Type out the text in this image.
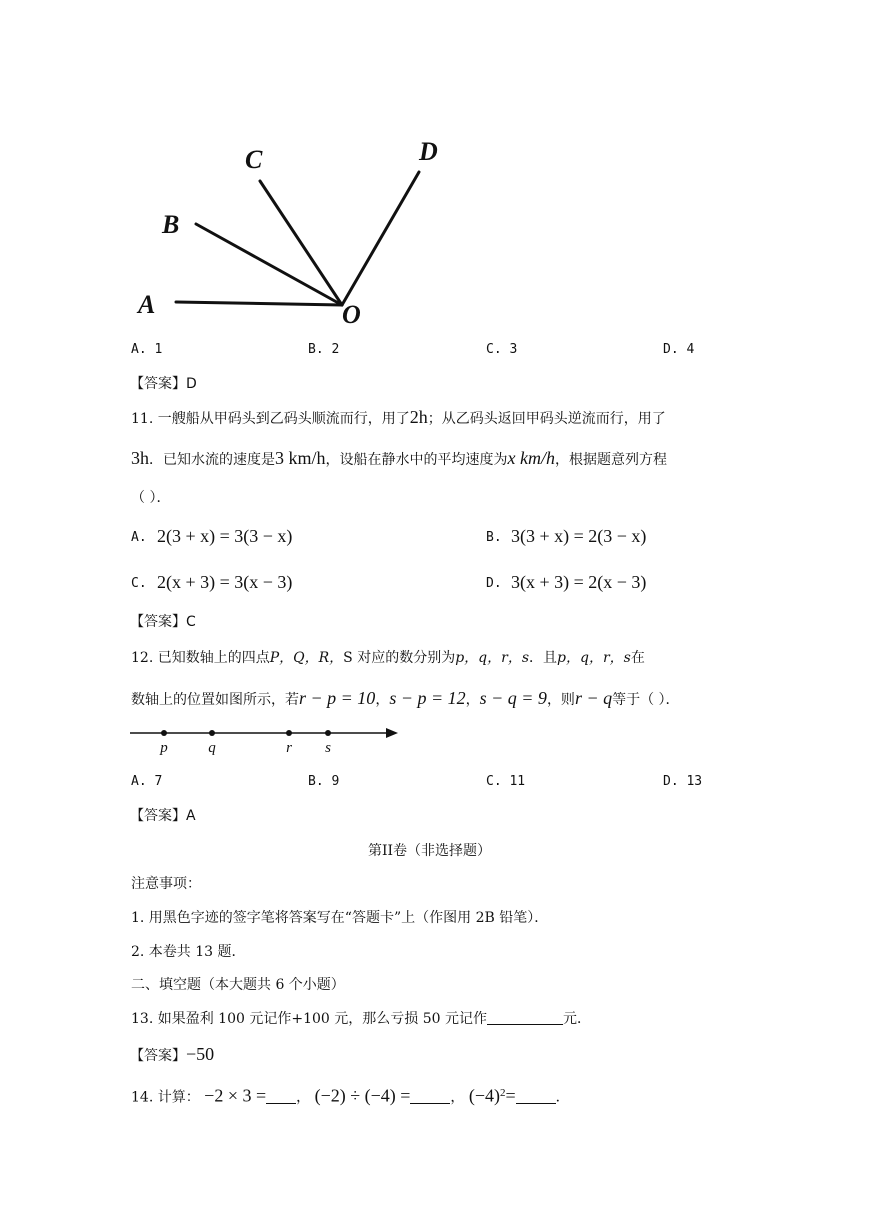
A
B
C	D
O
A. 1	B. 2	C. 3	D. 4
【答案】D
11. 一艘船从甲码头到乙码头顺流而行，用了2h；从乙码头返回甲码头逆流而行，用了
3h．已知水流的速度是3 km/h，设船在静水中的平均速度为x km/h，根据题意列方程
（ ）．
A. 2(3 + x) = 3(3 − x)	B. 3(3 + x) = 2(3 − x)
C. 2(x + 3) = 3(x − 3)	D. 3(x + 3) = 2(x − 3)
【答案】C
12. 已知数轴上的四点P，Q，R，S 对应的数分别为p，q，r，s．且p，q，r，s在
数轴上的位置如图所示，若r − p = 10，s − p = 12，s − q = 9，则r − q等于（ ）．
p	q	r s
A. 7	B. 9	C. 11	D. 13
【答案】A
第II卷（非选择题）
注意事项：
1. 用黑色字迹的签字笔将答案写在“答题卡”上（作图用 2B 铅笔）．
2. 本卷共 13 题．
二、填空题（本大题共 6 个小题）
13. 如果盈利 100 元记作+100 元，那么亏损 50 元记作	元．
【答案】−50
14. 计算： −2 × 3 = ， (−2) ÷ (−4) =	， $(-4)^2=$	．
